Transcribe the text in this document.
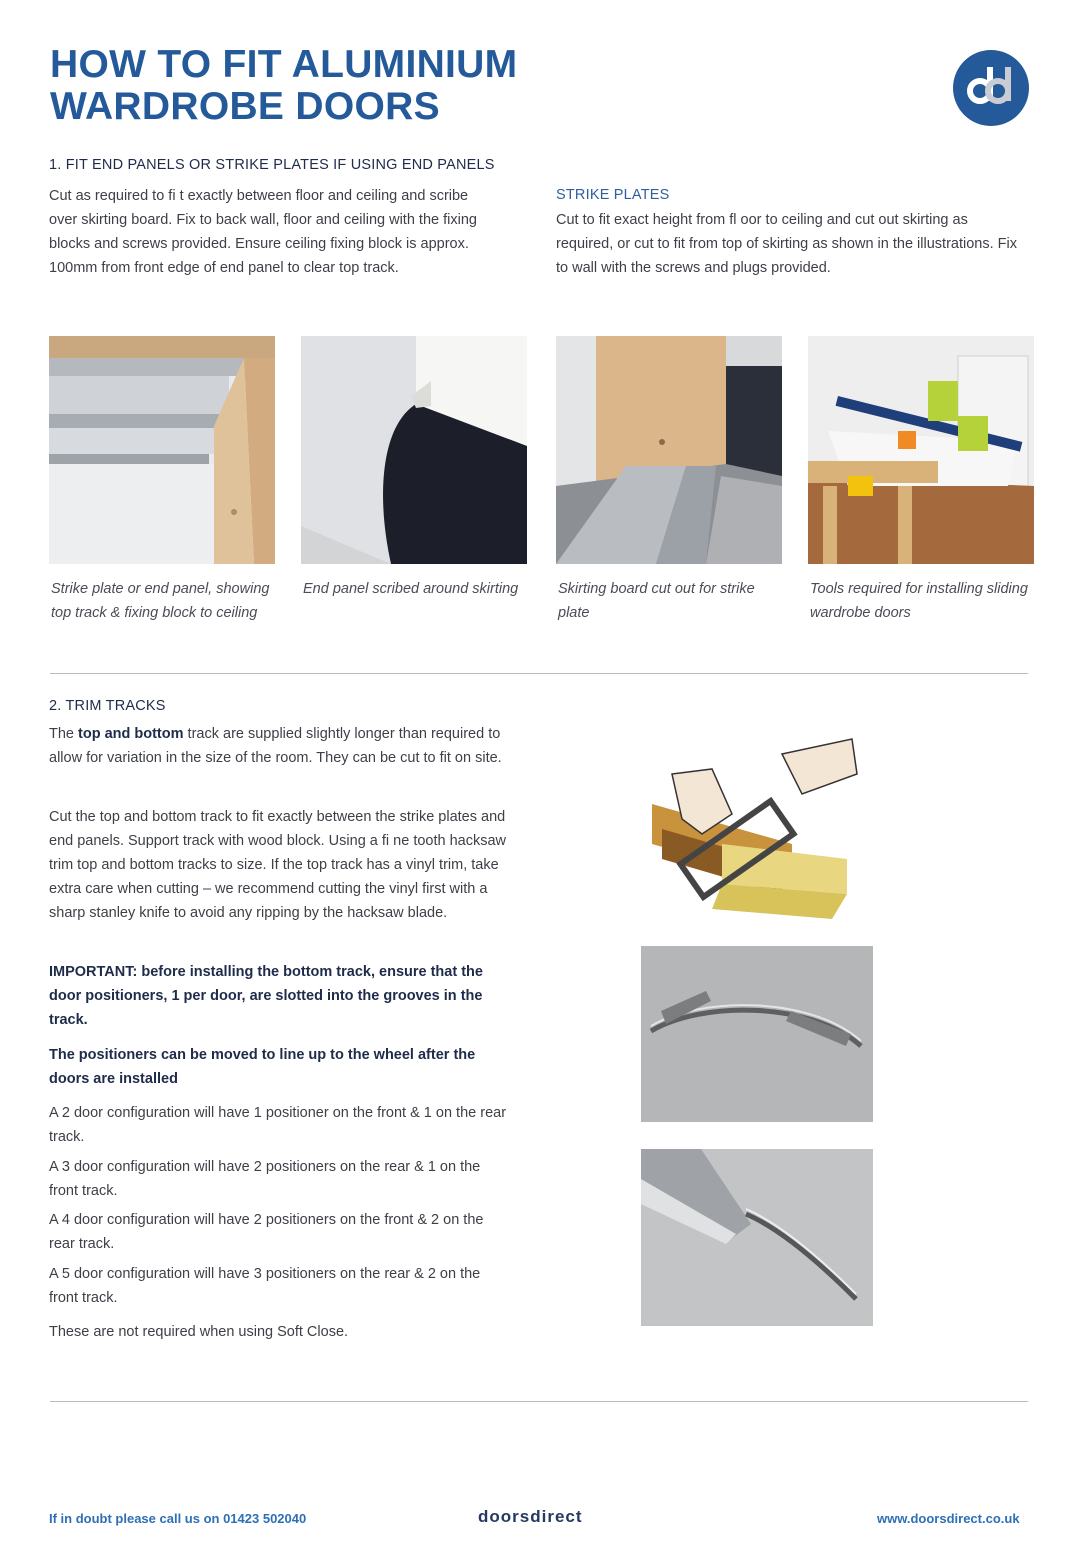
HOW TO FIT ALUMINIUM
WARDROBE DOORS
1. FIT END PANELS OR STRIKE PLATES IF USING END PANELS

Cut as required to fi t exactly between floor and ceiling and scribe over skirting board. Fix to back wall, floor and ceiling with the fixing blocks and screws provided. Ensure ceiling fixing block is approx. 100mm from front edge of end panel to clear top track.

STRIKE PLATES

Cut to fit exact height from fl oor to ceiling and cut out skirting as required, or cut to fit from top of skirting as shown in the illustrations. Fix to wall with the screws and plugs provided.

Strike plate or end panel, showing top track & fixing block to ceiling
End panel scribed around skirting	Skirting board cut out for strike plate
Tools required for installing sliding wardrobe doors
2. TRIM TRACKS

The top and bottom track are supplied slightly longer than required to allow for variation in the size of the room. They can be cut to fit on site.

Cut the top and bottom track to fit exactly between the strike plates and end panels. Support track with wood block. Using a fi ne tooth hacksaw trim top and bottom tracks to size. If the top track has a vinyl trim, take extra care when cutting – we recommend cutting the vinyl first with a sharp stanley knife to avoid any ripping by the hacksaw blade.

IMPORTANT: before installing the bottom track, ensure that the door positioners, 1 per door, are slotted into the grooves in the track.

The positioners can be moved to line up to the wheel after the doors are installed

A 2 door configuration will have 1 positioner on the front & 1 on the rear track.

A 3 door configuration will have 2 positioners on the rear & 1 on the front track.

A 4 door configuration will have 2 positioners on the front & 2 on the rear track.

A 5 door configuration will have 3 positioners on the rear & 2 on the front track.

These are not required when using Soft Close.

If in doubt please call us on 01423 502040	doorsdirect	www.doorsdirect.co.uk
